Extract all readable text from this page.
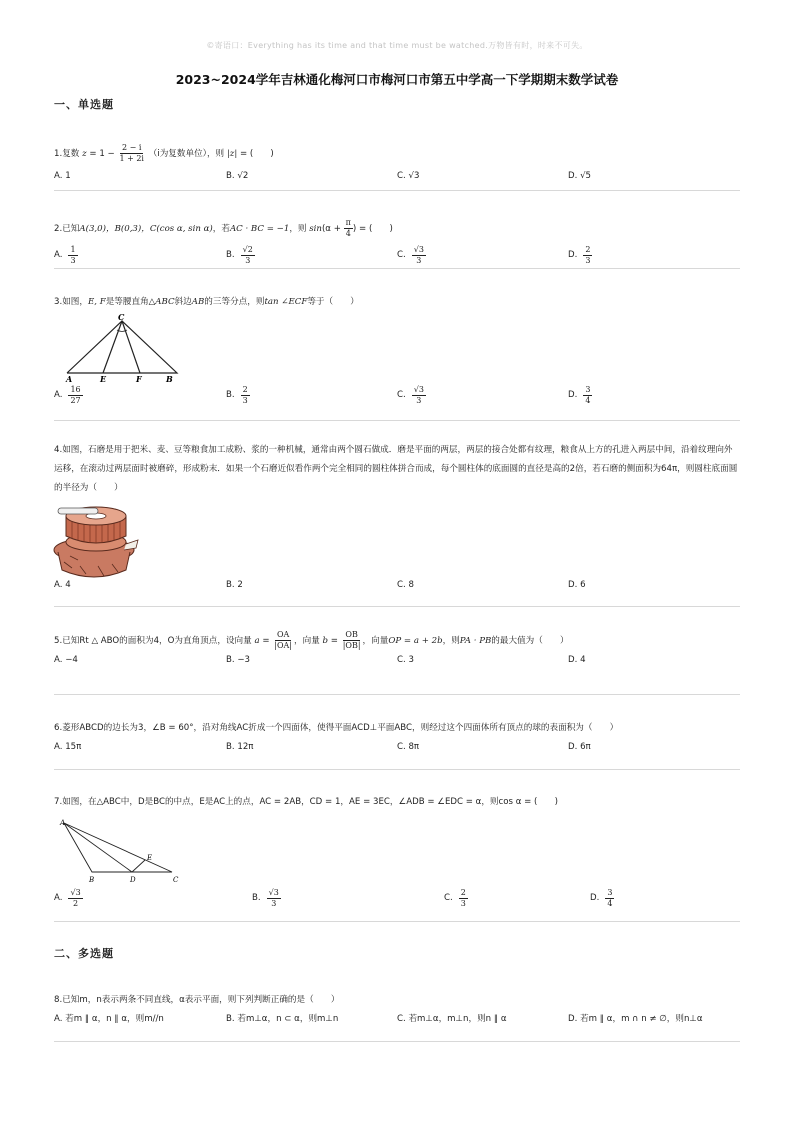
©寄语口：Everything has its time and that time must be watched.万物皆有时，时来不可失。
2023~2024学年吉林通化梅河口市梅河口市第五中学高一下学期期末数学试卷
一、单选题
1.复数 $z = 1 - \frac{2 - i}{1 + 2i} (i$为复数单位），则 |z| = (　　)
A. 1	B. √2	C. √3	D. √5
2.已知A(3,0)，B(0,3)，C(cos α, sin α)，若AC · BC = −1，则 $\sin(\alpha + \frac{\pi}{4}$ ) = (　　)
A. $\frac{1}{3}$	B. $\frac{√2}{3}$	C. $\frac{√3}{3}$	D. $\frac{2}{3}$
3.如图，E, F是等腰直角△ABC斜边AB的三等分点，则tan ∠ECF等于（　　）
C
A	E	F	B
A. $\frac{16}{27}$	B. $\frac{2}{3}$	C. $\frac{√3}{3}$	D. $\frac{3}{4}$
4.如图，石磨是用于把米、麦、豆等粮食加工成粉、浆的一种机械，通常由两个圆石做成．磨是平面的两层，两层的接合处都有纹理，粮食从上方的孔进入两层中间，沿着纹理向外运移，在滚动过两层面时被磨碎，形成粉末．如果一个石磨近似看作两个完全相同的圆柱体拼合而成，每个圆柱体的底面圆的直径是高的2倍，若石磨的侧面积为64π，则圆柱底面圆的半径为（　　）
A. 4	B. 2	C. 8	D. 6
5.已知Rt △ ABO的面积为4，O为直角顶点，设向量 $a = \frac{OA}{|OA|}$ ，向量 $b = \frac{OB}{|OB|}$ ，向量OP = a + 2b，则PA · PB的最大值为（　　）
A. −4	B. −3	C. 3	D. 4
6.菱形ABCD的边长为3，∠B = 60°，沿对角线AC折成一个四面体，使得平面ACD⊥平面ABC，则经过这个四面体所有顶点的球的表面积为（　　）
A. 15π	B. 12π	C. 8π	D. 6π
7.如图，在△ABC中，D是BC的中点，E是AC上的点，AC = 2AB，CD = 1，AE = 3EC，∠ADB = ∠EDC = α，则cos α = (　　)
A
E
B	D	C
A. $\frac{√3}{2}$	B. $\frac{√3}{3}$	C. $\frac{2}{3}$	D. $\frac{3}{4}$
二、多选题
8.已知m，n表示两条不同直线，α表示平面，则下列判断正确的是（　　）
A. 若m ∥ α，n ∥ α，则m//n	B. 若m⊥α，n ⊂ α，则m⊥n	C. 若m⊥α，m⊥n，则n ∥ α	D. 若m ∥ α，m ∩ n ≠ ∅，则n⊥α
